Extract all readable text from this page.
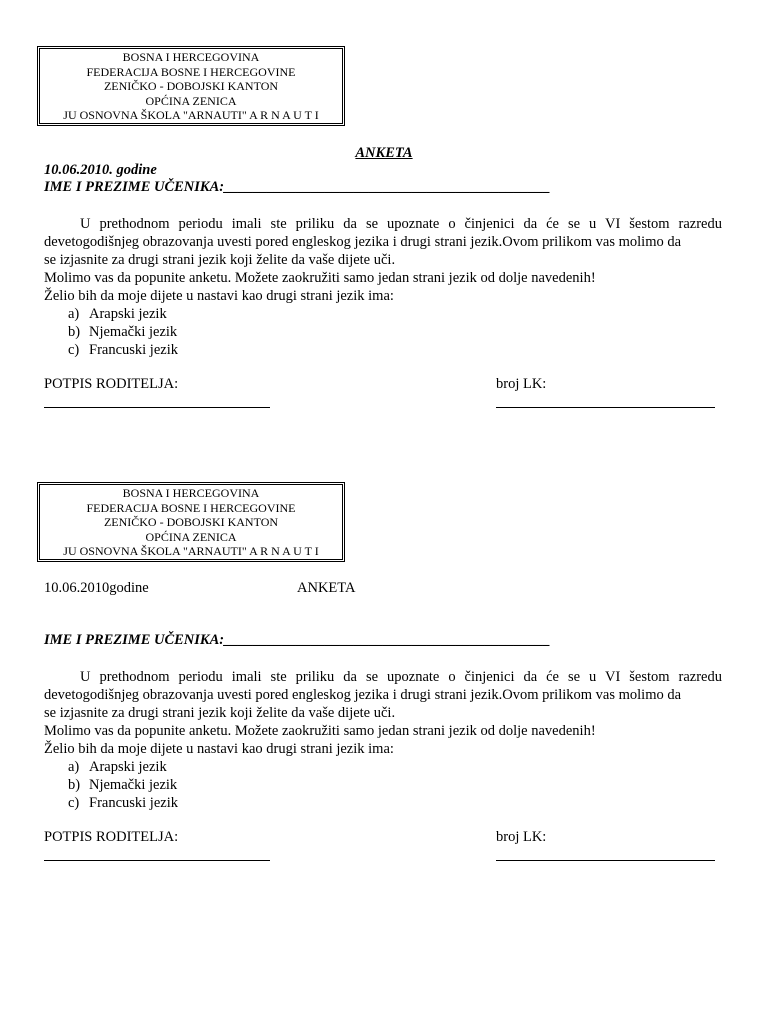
BOSNA I HERCEGOVINA
FEDERACIJA BOSNE I HERCEGOVINE
ZENIČKO - DOBOJSKI KANTON
OPĆINA ZENICA
JU OSNOVNA ŠKOLA "ARNAUTI" A R N A U T I
ANKETA
10.06.2010. godine
IME I PREZIME UČENIKA:_____________________________________________

U prethodnom periodu imali ste priliku da se upoznate o činjenici da će se u VI šestom razredu

devetogodišnjeg obrazovanja uvesti pored engleskog jezika i drugi strani jezik.Ovom prilikom vas molimo da

se izjasnite za drugi strani jezik koji želite da vaše dijete uči.

Molimo vas da popunite anketu. Možete zaokružiti samo jedan strani jezik od dolje navedenih!

Želio bih da moje dijete u nastavi kao drugi strani jezik ima:

a) Arapski jezik

b) Njemački jezik

c) Francuski jezik

POTPIS RODITELJA:	broj LK:
BOSNA I HERCEGOVINA
FEDERACIJA BOSNE I HERCEGOVINE
ZENIČKO - DOBOJSKI KANTON
OPĆINA ZENICA
JU OSNOVNA ŠKOLA "ARNAUTI" A R N A U T I
10.06.2010godine	ANKETA
IME I PREZIME UČENIKA:_____________________________________________

U prethodnom periodu imali ste priliku da se upoznate o činjenici da će se u VI šestom razredu

devetogodišnjeg obrazovanja uvesti pored engleskog jezika i drugi strani jezik.Ovom prilikom vas molimo da

se izjasnite za drugi strani jezik koji želite da vaše dijete uči.

Molimo vas da popunite anketu. Možete zaokružiti samo jedan strani jezik od dolje navedenih!

Želio bih da moje dijete u nastavi kao drugi strani jezik ima:

a) Arapski jezik

b) Njemački jezik

c) Francuski jezik

POTPIS RODITELJA:	broj LK:
